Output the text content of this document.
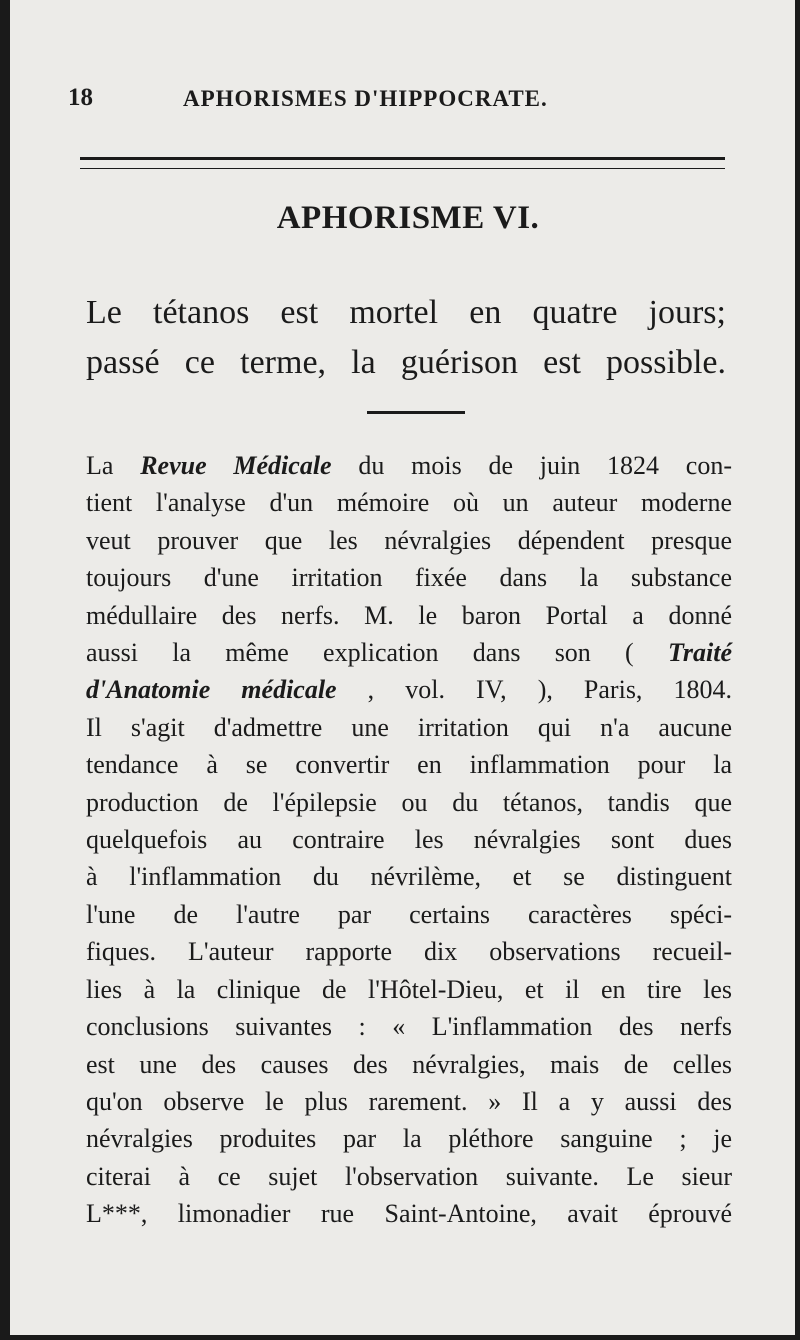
18	APHORISMES D'HIPPOCRATE.
APHORISME VI.
Le tétanos est mortel en quatre jours;
passé ce terme, la guérison est possible.
La Revue Médicale du mois de juin 1824 con-
tient l'analyse d'un mémoire où un auteur moderne
veut prouver que les névralgies dépendent presque
toujours d'une irritation fixée dans la substance
médullaire des nerfs. M. le baron Portal a donné
aussi la même explication dans son ( Traité
d'Anatomie médicale , vol. IV, ), Paris, 1804.
Il s'agit d'admettre une irritation qui n'a aucune
tendance à se convertir en inflammation pour la
production de l'épilepsie ou du tétanos, tandis que
quelquefois au contraire les névralgies sont dues
à l'inflammation du névrilème, et se distinguent
l'une de l'autre par certains caractères spéci-
fiques. L'auteur rapporte dix observations recueil-
lies à la clinique de l'Hôtel-Dieu, et il en tire les
conclusions suivantes : « L'inflammation des nerfs
est une des causes des névralgies, mais de celles
qu'on observe le plus rarement. » Il a y aussi des
névralgies produites par la pléthore sanguine ; je
citerai à ce sujet l'observation suivante. Le sieur
L***, limonadier rue Saint-Antoine, avait éprouvé
